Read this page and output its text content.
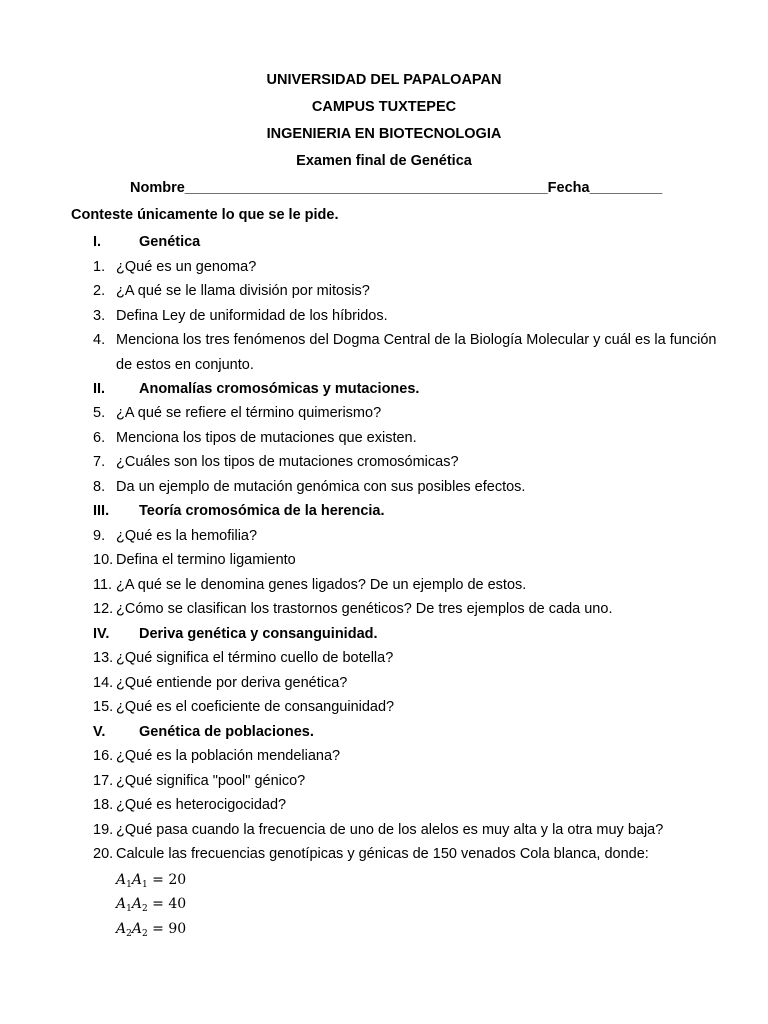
UNIVERSIDAD DEL PAPALOAPAN
CAMPUS TUXTEPEC
INGENIERIA EN BIOTECNOLOGIA
Examen final de Genética
Nombre_____________________________________________Fecha_________
Conteste únicamente lo que se le pide.
I.	Genética
1. ¿Qué es un genoma?
2. ¿A qué se le llama división por mitosis?
3. Defina Ley de uniformidad de los híbridos.
4. Menciona los tres fenómenos del Dogma Central de la Biología Molecular y cuál es la función
de estos en conjunto.
II. Anomalías cromosómicas y mutaciones.
5. ¿A qué se refiere el término quimerismo?
6. Menciona los tipos de mutaciones que existen.
7. ¿Cuáles son los tipos de mutaciones cromosómicas?
8. Da un ejemplo de mutación genómica con sus posibles efectos.
III. Teoría cromosómica de la herencia.
9. ¿Qué es la hemofilia?
10. Defina el termino ligamiento
11. ¿A qué se le denomina genes ligados? De un ejemplo de estos.
12. ¿Cómo se clasifican los trastornos genéticos? De tres ejemplos de cada uno.
IV. Deriva genética y consanguinidad.
13. ¿Qué significa el término cuello de botella?
14. ¿Qué entiende por deriva genética?
15. ¿Qué es el coeficiente de consanguinidad?
V. Genética de poblaciones.
16. ¿Qué es la población mendeliana?
17. ¿Qué significa "pool" génico?
18. ¿Qué es heterocigocidad?
19. ¿Qué pasa cuando la frecuencia de uno de los alelos es muy alta y la otra muy baja?
20. Calcule las frecuencias genotípicas y génicas de 150 venados Cola blanca, donde:
$A_1A_1 = 20$
$A_1A_2 = 40$
$A_2A_2 = 90$
